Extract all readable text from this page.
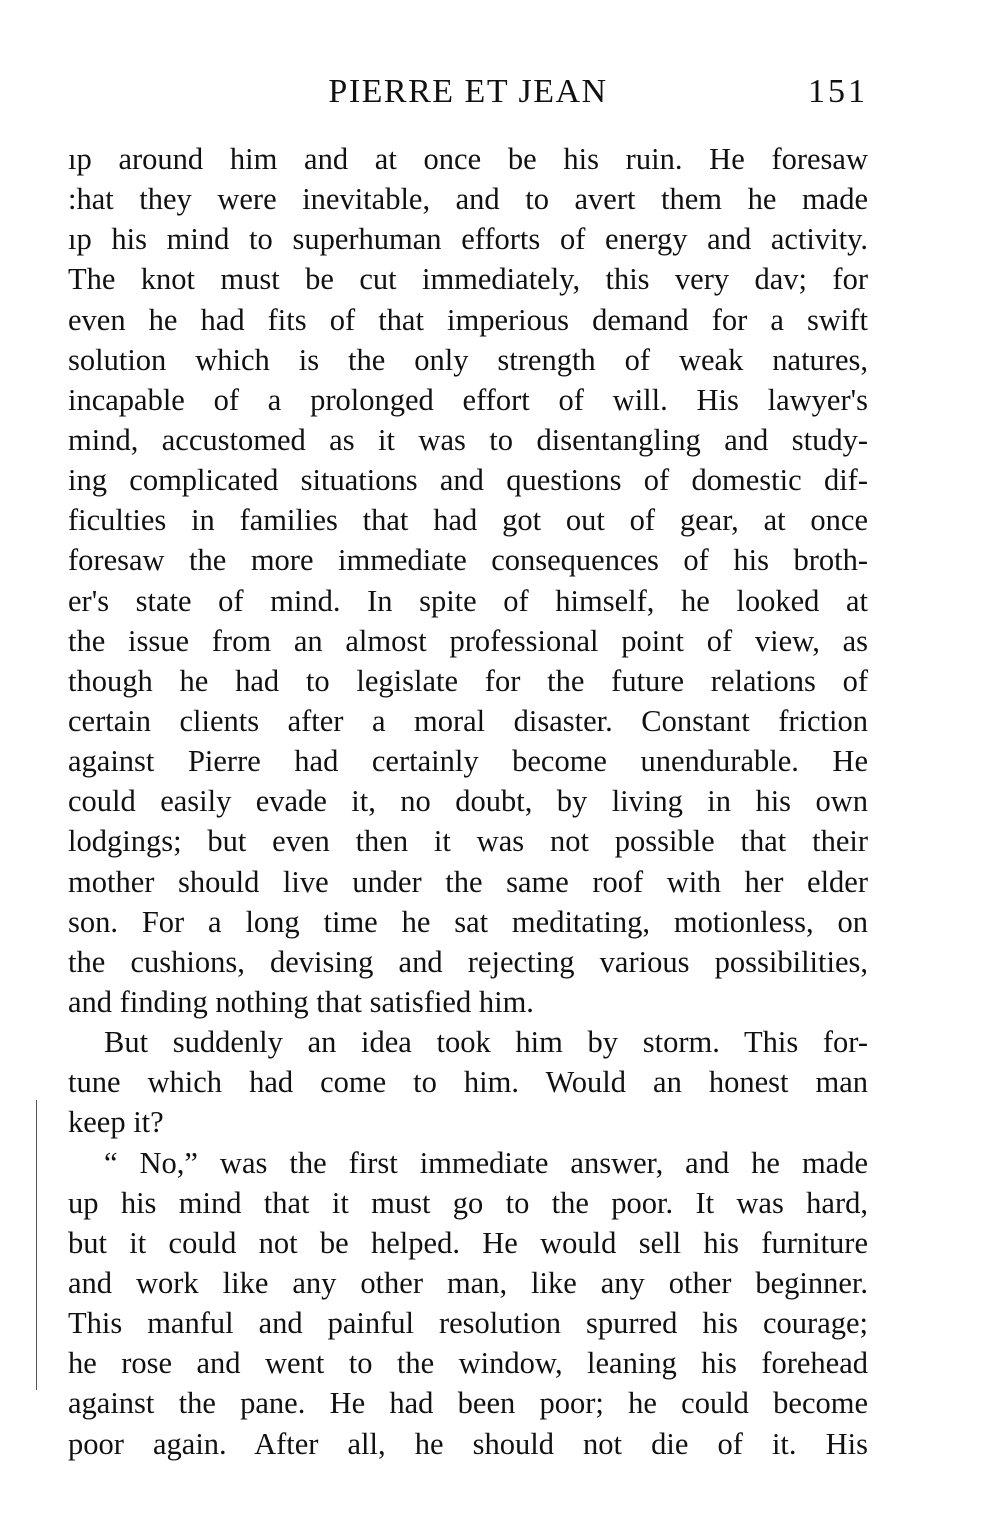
PIERRE ET JEAN	151
ıp around him and at once be his ruin. He foresaw
:hat they were inevitable, and to avert them he made
ıp his mind to superhuman efforts of energy and activity.
The knot must be cut immediately, this very dav; for
even he had fits of that imperious demand for a swift
solution which is the only strength of weak natures,
incapable of a prolonged effort of will. His lawyer's
mind, accustomed as it was to disentangling and study-
ing complicated situations and questions of domestic dif-
ficulties in families that had got out of gear, at once
foresaw the more immediate consequences of his broth-
er's state of mind. In spite of himself, he looked at
the issue from an almost professional point of view, as
though he had to legislate for the future relations of
certain clients after a moral disaster. Constant friction
against Pierre had certainly become unendurable. He
could easily evade it, no doubt, by living in his own
lodgings; but even then it was not possible that their
mother should live under the same roof with her elder
son. For a long time he sat meditating, motionless, on
the cushions, devising and rejecting various possibilities,
and finding nothing that satisfied him.
But suddenly an idea took him by storm. This for-
tune which had come to him. Would an honest man
keep it?
“ No,” was the first immediate answer, and he made
up his mind that it must go to the poor. It was hard,
but it could not be helped. He would sell his furniture
and work like any other man, like any other beginner.
This manful and painful resolution spurred his courage;
he rose and went to the window, leaning his forehead
against the pane. He had been poor; he could become
poor again. After all, he should not die of it. His
